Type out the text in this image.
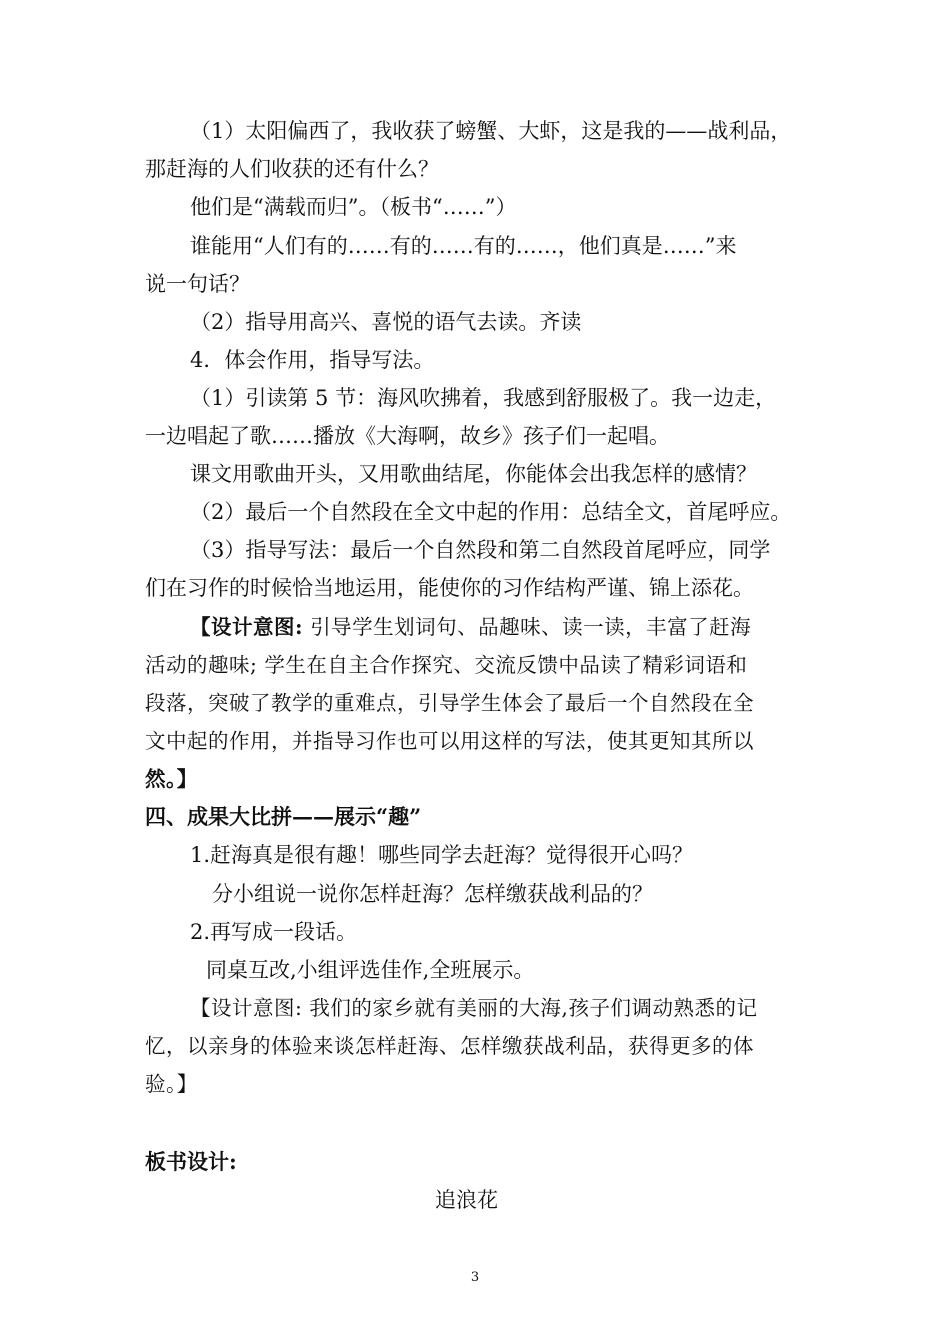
（1）太阳偏西了，我收获了螃蟹、大虾，这是我的——战利品，
那赶海的人们收获的还有什么？
他们是“满载而归”。（板书“……”）
谁能用“人们有的……有的……有的……，他们真是……”来
说一句话？
（2）指导用高兴、喜悦的语气去读。齐读
4．体会作用，指导写法。
（1）引读第 5 节：海风吹拂着，我感到舒服极了。我一边走，
一边唱起了歌……播放《大海啊，故乡》孩子们一起唱。
课文用歌曲开头，又用歌曲结尾，你能体会出我怎样的感情？
（2）最后一个自然段在全文中起的作用：总结全文，首尾呼应。
（3）指导写法：最后一个自然段和第二自然段首尾呼应，同学
们在习作的时候恰当地运用，能使你的习作结构严谨、锦上添花。
【设计意图: 引导学生划词句、品趣味、读一读，丰富了赶海
活动的趣味; 学生在自主合作探究、交流反馈中品读了精彩词语和
段落，突破了教学的重难点，引导学生体会了最后一个自然段在全
文中起的作用，并指导习作也可以用这样的写法，使其更知其所以
然。】
四、成果大比拼——展示“趣”
1.赶海真是很有趣！哪些同学去赶海？觉得很开心吗？
分小组说一说你怎样赶海？怎样缴获战利品的？
2.再写成一段话。
同桌互改,小组评选佳作,全班展示。
【设计意图: 我们的家乡就有美丽的大海,孩子们调动熟悉的记
忆，以亲身的体验来谈怎样赶海、怎样缴获战利品，获得更多的体
验。】
板书设计:
追浪花
3
